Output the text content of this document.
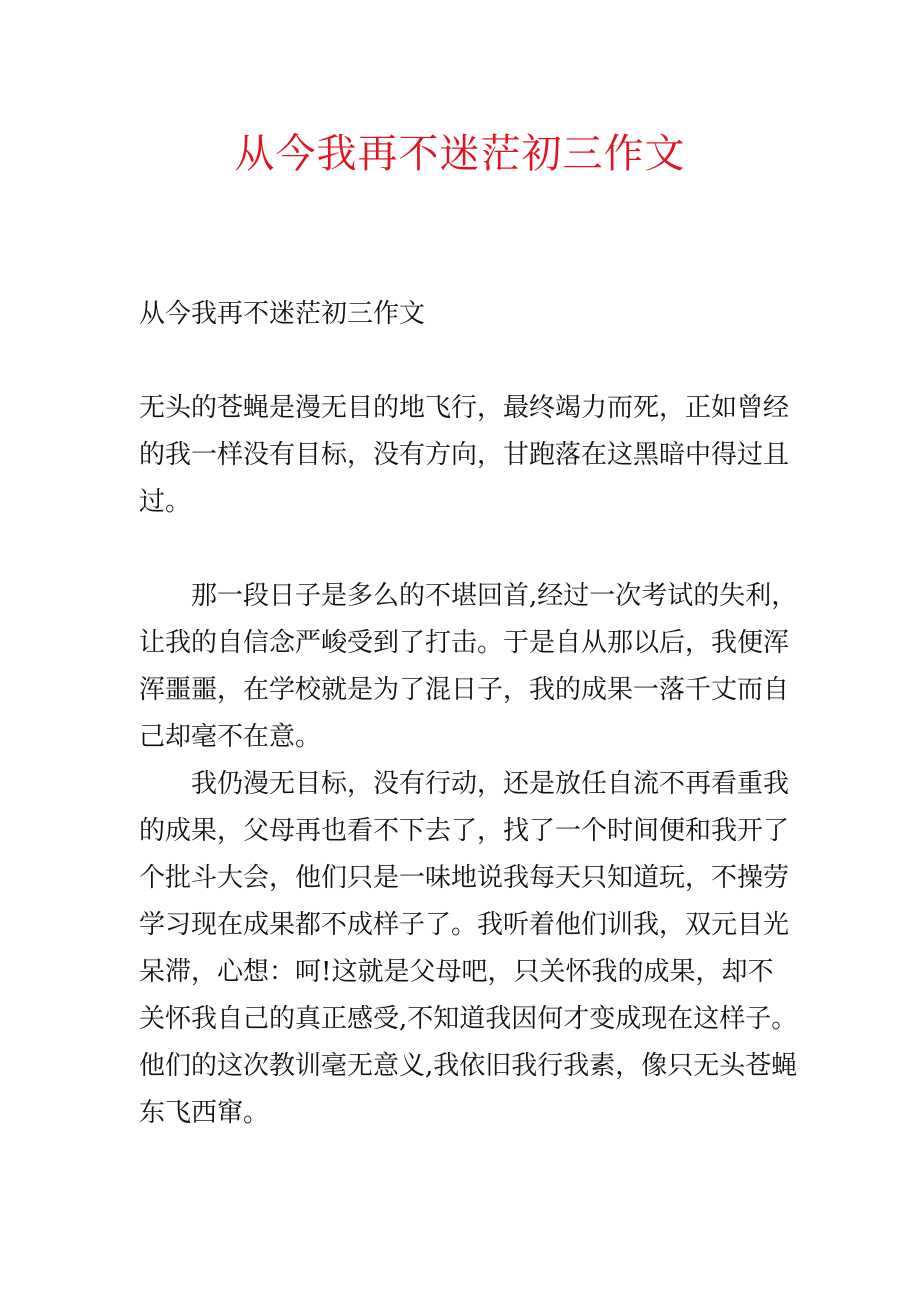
从今我再不迷茫初三作文

从今我再不迷茫初三作文

无头的苍蝇是漫无目的地飞行，最终竭力而死，正如曾经的我一样没有目标，没有方向，甘跑落在这黑暗中得过且过。

那一段日子是多么的不堪回首,经过一次考试的失利，让我的自信念严峻受到了打击。于是自从那以后，我便浑浑噩噩，在学校就是为了混日子，我的成果一落千丈而自己却毫不在意。

我仍漫无目标，没有行动，还是放任自流不再看重我的成果，父母再也看不下去了，找了一个时间便和我开了个批斗大会，他们只是一味地说我每天只知道玩，不操劳学习现在成果都不成样子了。我听着他们训我，双元目光呆滞，心想：呵!这就是父母吧，只关怀我的成果，却不关怀我自己的真正感受,不知道我因何才变成现在这样子。他们的这次教训毫无意义,我依旧我行我素，像只无头苍蝇东飞西窜。
